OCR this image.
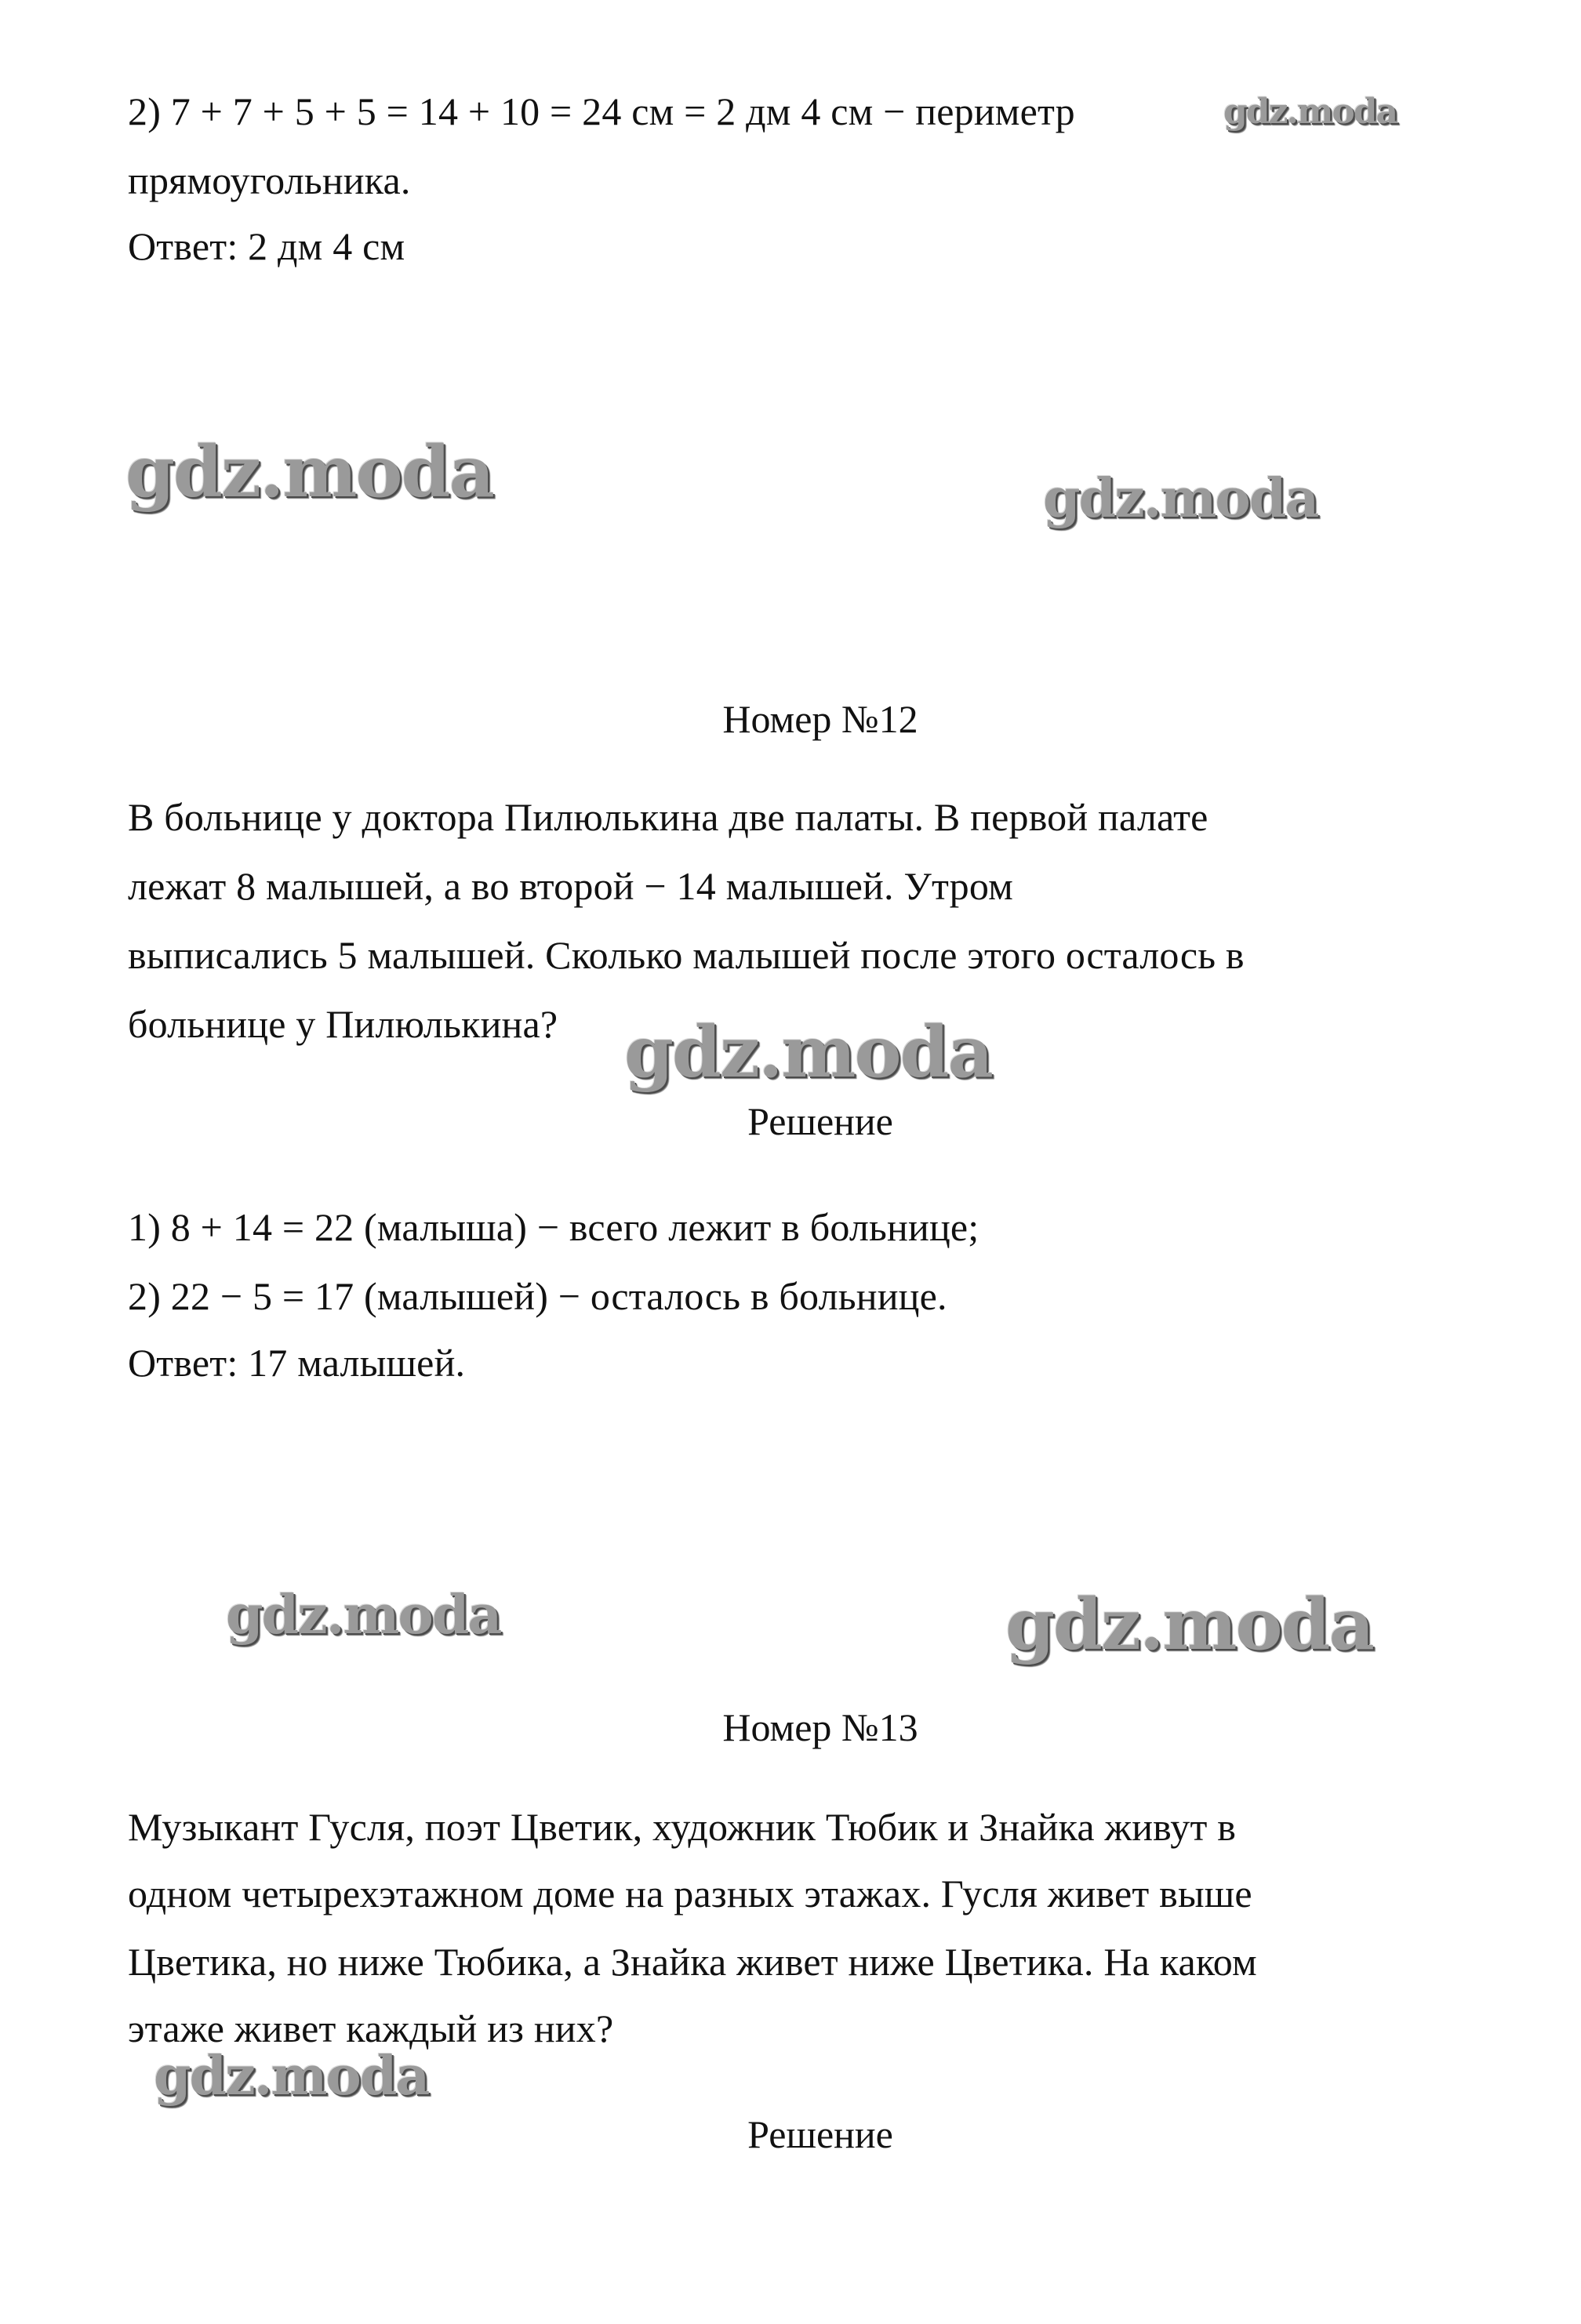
2) 7 + 7 + 5 + 5 = 14 + 10 = 24 см = 2 дм 4 см − периметр	gdz.moda
прямоугольника.
Ответ: 2 дм 4 см
gdz.moda	gdz.moda
Номер №12
В больнице у доктора Пилюлькина две палаты. В первой палате
лежат 8 малышей, а во второй − 14 малышей. Утром
выписались 5 малышей. Сколько малышей после этого осталось в
больнице у Пилюлькина? gdz.moda
Решение
1) 8 + 14 = 22 (малыша) − всего лежит в больнице;
2) 22 − 5 = 17 (малышей) − осталось в больнице.
Ответ: 17 малышей.
gdz.moda	gdz.moda
Номер №13
Музыкант Гусля, поэт Цветик, художник Тюбик и Знайка живут в
одном четырехэтажном доме на разных этажах. Гусля живет выше
Цветика, но ниже Тюбика, а Знайка живет ниже Цветика. На каком
этаже живет каждый из них?
gdz.moda
Решение
